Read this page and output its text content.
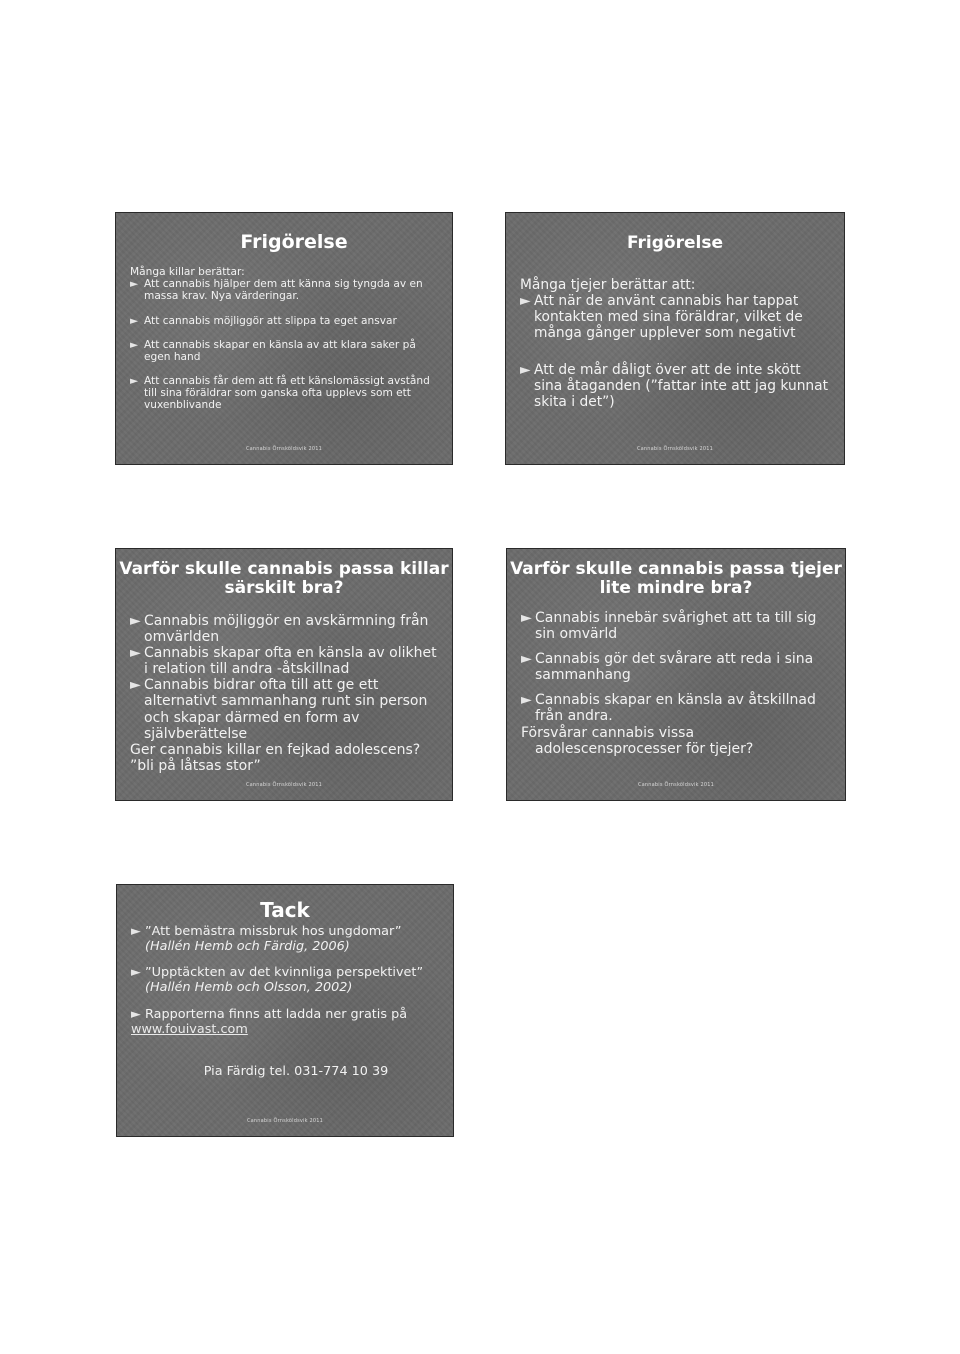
Frigörelse

Många killar berättar:

► Att cannabis hjälper dem att känna sig tyngda av en massa krav. Nya värderingar.

► Att cannabis möjliggör att slippa ta eget ansvar

► Att cannabis skapar en känsla av att klara saker på egen hand

► Att cannabis får dem att få ett känslomässigt avstånd till sina föräldrar som ganska ofta upplevs som ett vuxenblivande

Cannabis Örnsköldsvik 2011
Frigörelse

Många tjejer berättar att:

► Att när de använt cannabis har tappat kontakten med sina föräldrar, vilket de många gånger upplever som negativt

► Att de mår dåligt över att de inte skött sina åtaganden (”fattar inte att jag kunnat skita i det”)

Cannabis Örnsköldsvik 2011
Varför skulle cannabis passa killar särskilt bra?

► Cannabis möjliggör en avskärmning från omvärlden

► Cannabis skapar ofta en känsla av olikhet i relation till andra -åtskillnad

► Cannabis bidrar ofta till att ge ett alternativt sammanhang runt sin person och skapar därmed en form av självberättelse

Ger cannabis killar en fejkad adolescens?

”bli på låtsas stor”

Cannabis Örnsköldsvik 2011
Varför skulle cannabis passa tjejer lite mindre bra?

► Cannabis innebär svårighet att ta till sig sin omvärld

► Cannabis gör det svårare att reda i sina sammanhang

► Cannabis skapar en känsla av åtskillnad från andra.

Försvårar cannabis vissa adolescensprocesser för tjejer?

Cannabis Örnsköldsvik 2011
Tack

► ”Att bemästra missbruk hos ungdomar”
(Hallén Hemb och Färdig, 2006)

► ”Upptäckten av det kvinnliga perspektivet”
(Hallén Hemb och Olsson, 2002)

► Rapporterna finns att ladda ner gratis på

www.fouivast.com

Pia Färdig tel. 031-774 10 39

Cannabis Örnsköldsvik 2011
